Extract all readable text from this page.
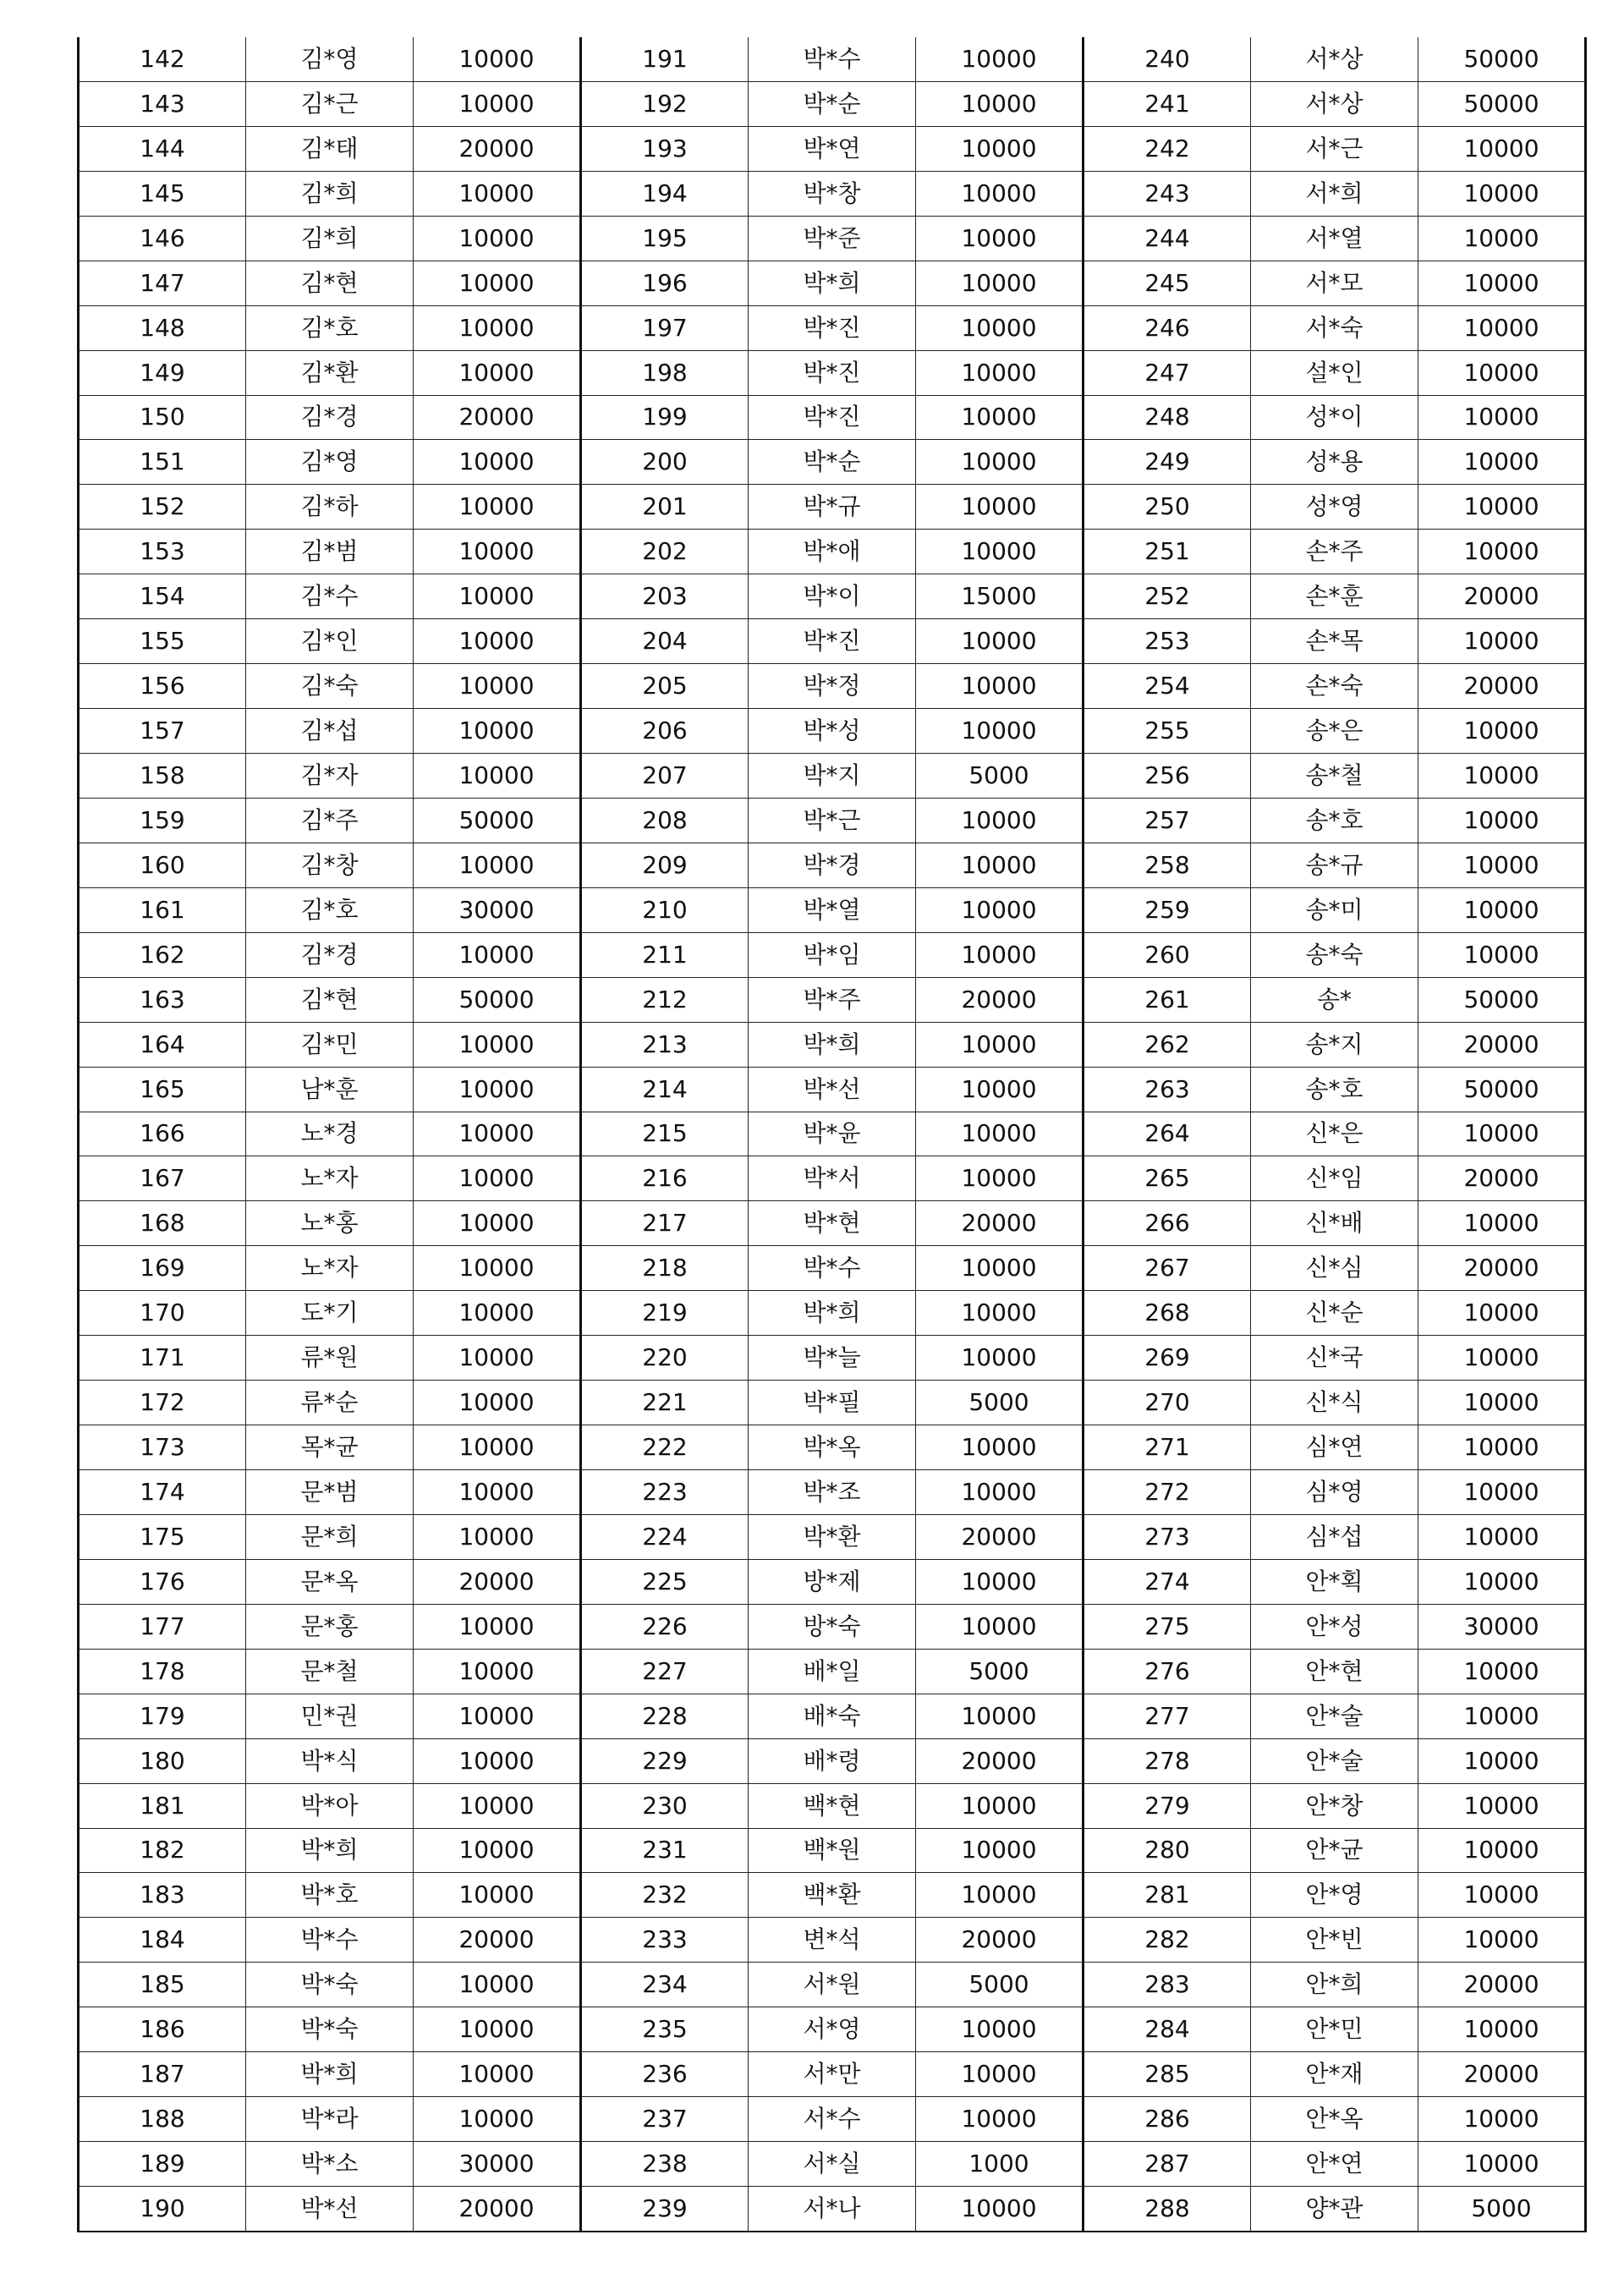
142	김*영	10000	191	박*수	10000	240	서*상	50000
143	김*근	10000	192	박*순	10000	241	서*상	50000
144	김*태	20000	193	박*연	10000	242	서*근	10000
145	김*희	10000	194	박*창	10000	243	서*희	10000
146	김*희	10000	195	박*준	10000	244	서*열	10000
147	김*현	10000	196	박*희	10000	245	서*모	10000
148	김*호	10000	197	박*진	10000	246	서*숙	10000
149	김*환	10000	198	박*진	10000	247	설*인	10000
150	김*경	20000	199	박*진	10000	248	성*이	10000
151	김*영	10000	200	박*순	10000	249	성*용	10000
152	김*하	10000	201	박*규	10000	250	성*영	10000
153	김*범	10000	202	박*애	10000	251	손*주	10000
154	김*수	10000	203	박*이	15000	252	손*훈	20000
155	김*인	10000	204	박*진	10000	253	손*목	10000
156	김*숙	10000	205	박*정	10000	254	손*숙	20000
157	김*섭	10000	206	박*성	10000	255	송*은	10000
158	김*자	10000	207	박*지	5000	256	송*철	10000
159	김*주	50000	208	박*근	10000	257	송*호	10000
160	김*창	10000	209	박*경	10000	258	송*규	10000
161	김*호	30000	210	박*열	10000	259	송*미	10000
162	김*경	10000	211	박*임	10000	260	송*숙	10000
163	김*현	50000	212	박*주	20000	261	송*	50000
164	김*민	10000	213	박*희	10000	262	송*지	20000
165	남*훈	10000	214	박*선	10000	263	송*호	50000
166	노*경	10000	215	박*윤	10000	264	신*은	10000
167	노*자	10000	216	박*서	10000	265	신*임	20000
168	노*홍	10000	217	박*현	20000	266	신*배	10000
169	노*자	10000	218	박*수	10000	267	신*심	20000
170	도*기	10000	219	박*희	10000	268	신*순	10000
171	류*원	10000	220	박*늘	10000	269	신*국	10000
172	류*순	10000	221	박*필	5000	270	신*식	10000
173	목*균	10000	222	박*옥	10000	271	심*연	10000
174	문*범	10000	223	박*조	10000	272	심*영	10000
175	문*희	10000	224	박*환	20000	273	심*섭	10000
176	문*옥	20000	225	방*제	10000	274	안*획	10000
177	문*홍	10000	226	방*숙	10000	275	안*성	30000
178	문*철	10000	227	배*일	5000	276	안*현	10000
179	민*권	10000	228	배*숙	10000	277	안*술	10000
180	박*식	10000	229	배*령	20000	278	안*술	10000
181	박*아	10000	230	백*현	10000	279	안*창	10000
182	박*희	10000	231	백*원	10000	280	안*균	10000
183	박*호	10000	232	백*환	10000	281	안*영	10000
184	박*수	20000	233	변*석	20000	282	안*빈	10000
185	박*숙	10000	234	서*원	5000	283	안*희	20000
186	박*숙	10000	235	서*영	10000	284	안*민	10000
187	박*희	10000	236	서*만	10000	285	안*재	20000
188	박*라	10000	237	서*수	10000	286	안*옥	10000
189	박*소	30000	238	서*실	1000	287	안*연	10000
190	박*선	20000	239	서*나	10000	288	양*관	5000
